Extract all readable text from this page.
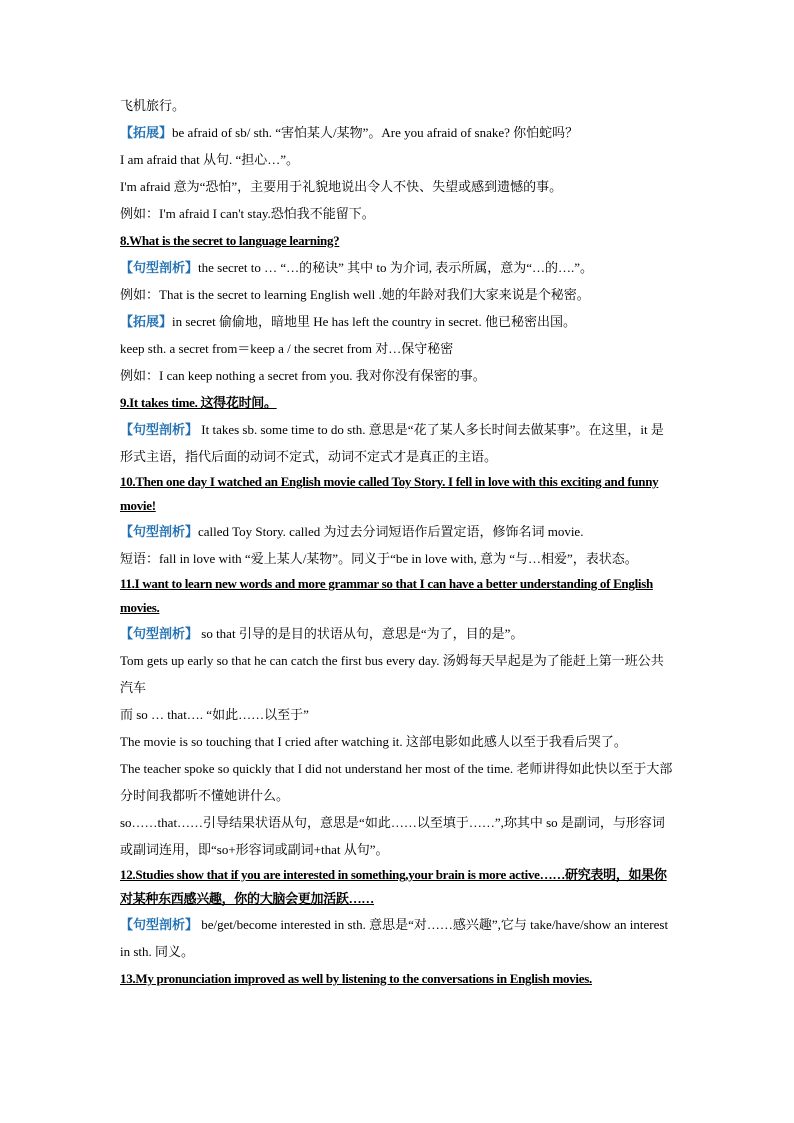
飞机旅行。
【拓展】be afraid of sb/ sth. “害怕某人/某物”。Are you afraid of snake? 你怕蛇吗？
I am afraid that 从句. “担心…”。
I'm afraid 意为“恐怕”，主要用于礼貌地说出令人不快、失望或感到遗憾的事。
例如：I'm afraid I can't stay.恐怕我不能留下。
8.What is the secret to language learning?
【句型剖析】the secret to … “…的秘诀” 其中 to 为介词, 表示所属，意为“…的….”。
例如：That is the secret to learning English well .她的年龄对我们大家来说是个秘密。
【拓展】in secret 偷偷地，暗地里 He has left the country in secret. 他已秘密出国。
keep sth. a secret from＝keep a / the secret from 对…保守秘密
例如：I can keep nothing a secret from you. 我对你没有保密的事。
9.It takes time. 这得花时间。
【句型剖析】 It takes sb. some time to do sth. 意思是“花了某人多长时间去做某事”。在这里，it 是形式主语，指代后面的动词不定式，动词不定式才是真正的主语。
10.Then one day I watched an English movie called Toy Story. I fell in love with this exciting and funny movie!
【句型剖析】called Toy Story. called 为过去分词短语作后置定语，修饰名词 movie.
短语：fall in love with “爱上某人/某物”。同义于“be in love with, 意为 “与…相爱”，表状态。
11.I want to learn new words and more grammar so that I can have a better understanding of English movies.
【句型剖析】 so that 引导的是目的状语从句，意思是“为了，目的是”。
Tom gets up early so that he can catch the first bus every day. 汤姆每天早起是为了能赶上第一班公共汽车
而 so … that…. “如此……以至于”
The movie is so touching that I cried after watching it. 这部电影如此感人以至于我看后哭了。
The teacher spoke so quickly that I did not understand her most of the time. 老师讲得如此快以至于大部分时间我都听不懂她讲什么。
so……that……引导结果状语从句，意思是“如此……以至填于……”,珎其中 so 是副词，与形容词或副词连用，即“so+形容词或副词+that 从句”。
12.Studies show that if you are interested in something,your brain is more active……研究表明，如果你对某种东西感兴趣，你的大脑会更加活跃……
【句型剖析】 be/get/become interested in sth. 意思是“对……感兴趣”,它与 take/have/show an interest in sth. 同义。
13.My pronunciation improved as well by listening to the conversations in English movies.
